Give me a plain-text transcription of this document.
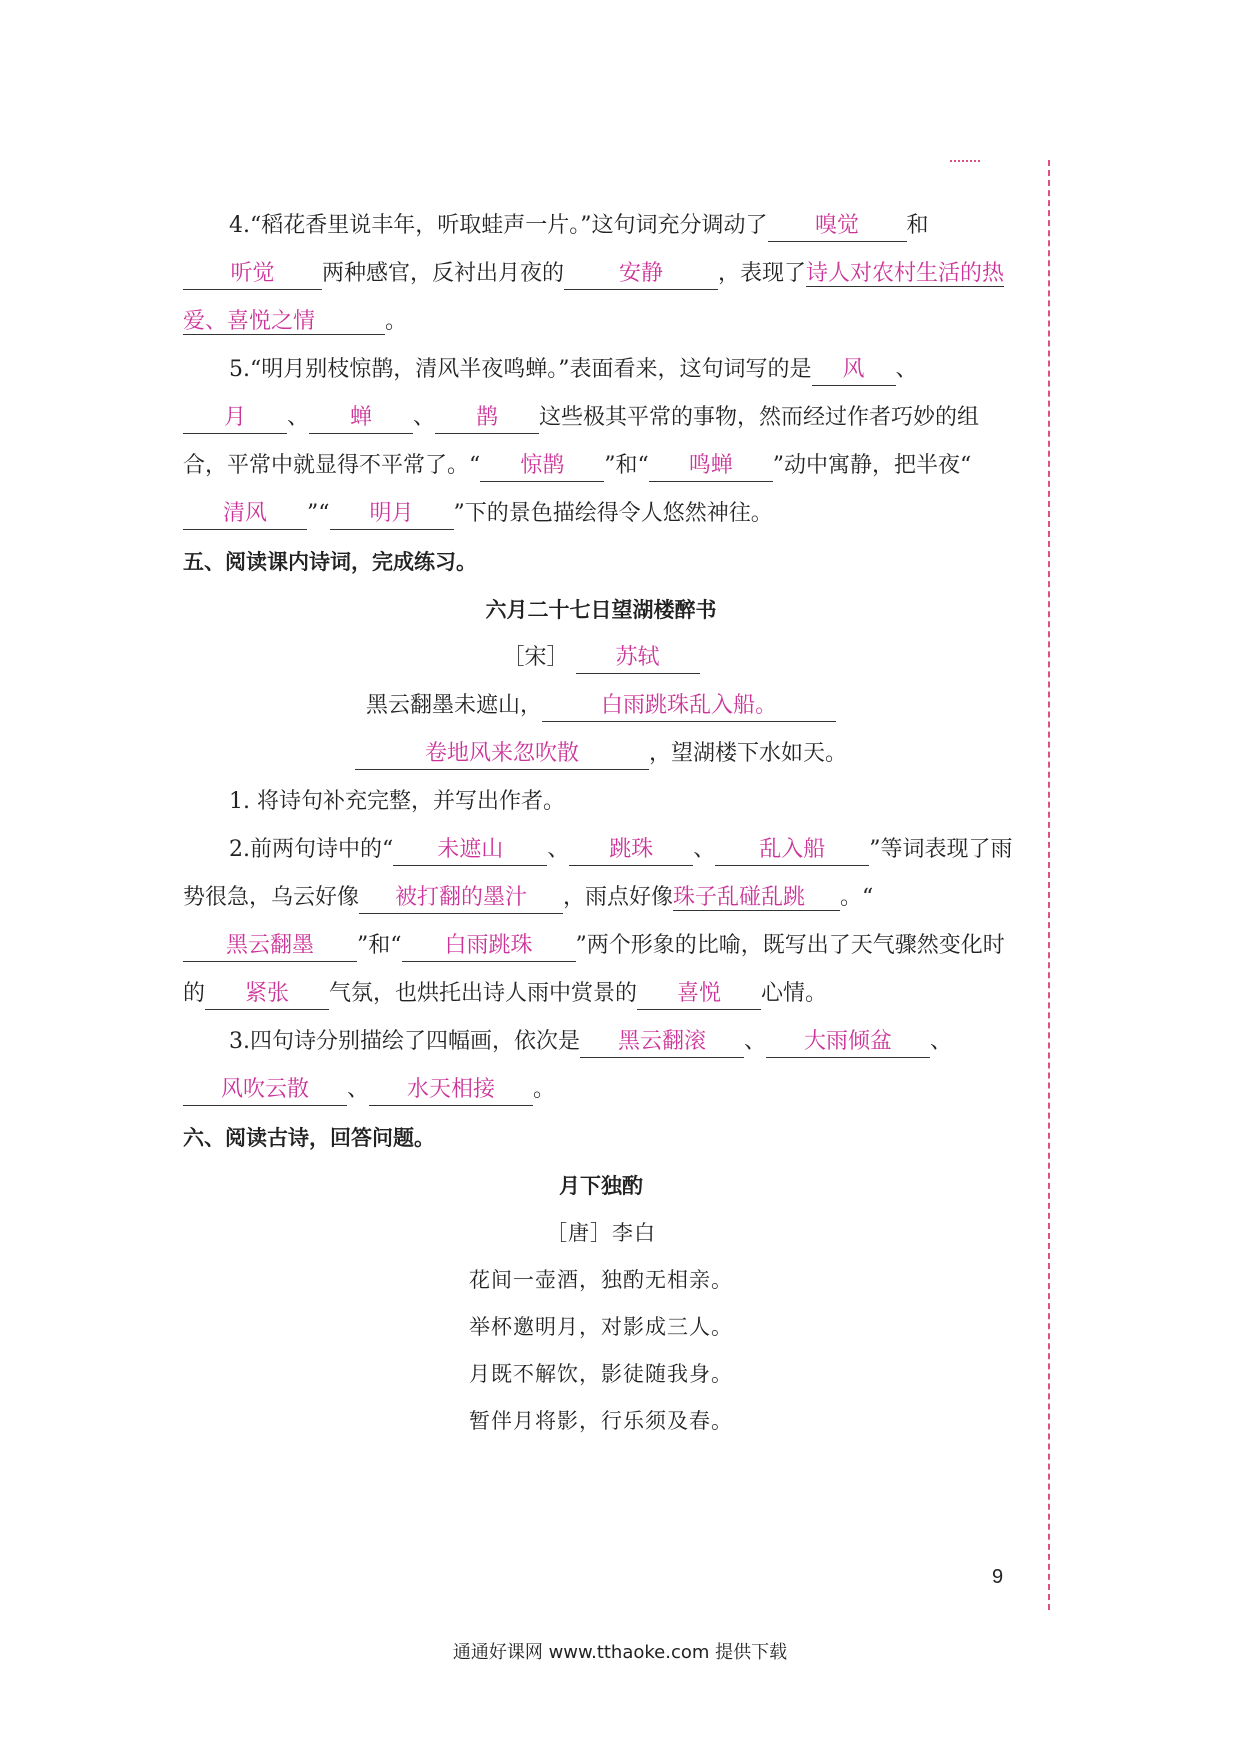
4.“稻花香里说丰年，听取蛙声一片。”这句词充分调动了 嗅觉 和听觉 两种感官，反衬出月夜的 安静	，表现了诗人对农村生活的热爱、喜悦之情	。

5.“明月别枝惊鹊，清风半夜鸣蝉。”表面看来，这句词写的是 风 、月 、 蝉 、 鹊 这些极其平常的事物，然而经过作者巧妙的组合，平常中就显得不平常了。“ 惊鹊 ”和“ 鸣蝉 ”动中寓静，把半夜“清风 ”“ 明月 ”下的景色描绘得令人悠然神往。

五、阅读课内诗词，完成练习。

六月二十七日望湖楼醉书

［宋］ 苏轼

黑云翻墨未遮山，	白雨跳珠乱入船。

卷地风来忽吹散	，望湖楼下水如天。

1. 将诗句补充完整，并写出作者。

2.前两句诗中的“ 未遮山 、 跳珠 、 乱入船 ”等词表现了雨势很急，乌云好像 被打翻的墨汁 ，雨点好像珠子乱碰乱跳 。“黑云翻墨 ”和“ 白雨跳珠 ”两个形象的比喻，既写出了天气骤然变化时的 紧张 气氛，也烘托出诗人雨中赏景的 喜悦 心情。

3.四句诗分别描绘了四幅画，依次是 黑云翻滚 、 大雨倾盆 、风吹云散 、 水天相接 。

六、阅读古诗，回答问题。

月下独酌

［唐］李白

花间一壶酒，独酌无相亲。

举杯邀明月，对影成三人。

月既不解饮，影徒随我身。

暂伴月将影，行乐须及春。

9
通通好课网 www.tthaoke.com 提供下载
